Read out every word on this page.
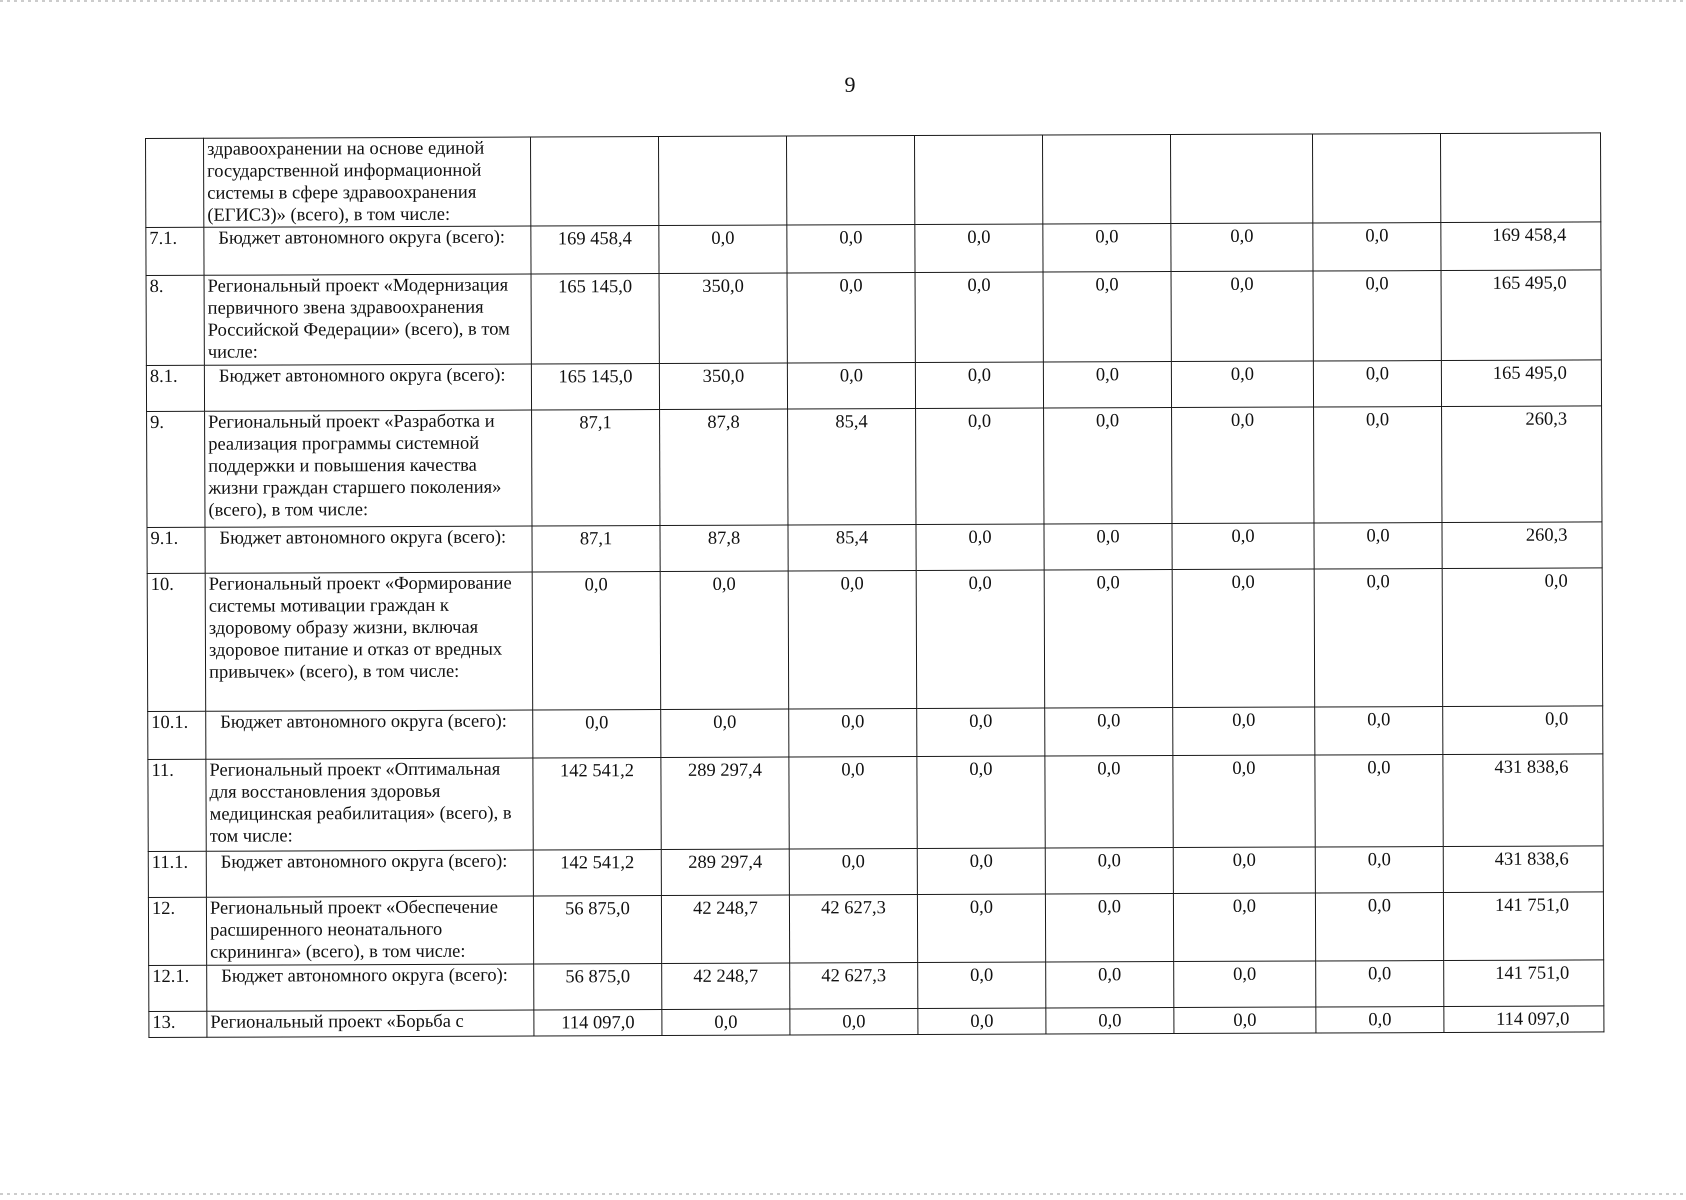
9
	здравоохранении на основе единой государственной информационной системы в сфере здравоохранения (ЕГИСЗ)» (всего), в том числе:								
7.1.	Бюджет автономного округа (всего):	169 458,4	0,0	0,0	0,0	0,0	0,0	0,0	169 458,4
8.	Региональный проект «Модернизация первичного звена здравоохранения Российской Федерации» (всего), в том числе:	165 145,0	350,0	0,0	0,0	0,0	0,0	0,0	165 495,0
8.1.	Бюджет автономного округа (всего):	165 145,0	350,0	0,0	0,0	0,0	0,0	0,0	165 495,0
9.	Региональный проект «Разработка и реализация программы системной поддержки и повышения качества жизни граждан старшего поколения» (всего), в том числе:	87,1	87,8	85,4	0,0	0,0	0,0	0,0	260,3
9.1.	Бюджет автономного округа (всего):	87,1	87,8	85,4	0,0	0,0	0,0	0,0	260,3
10.	Региональный проект «Формирование системы мотивации граждан к здоровому образу жизни, включая здоровое питание и отказ от вредных привычек» (всего), в том числе:	0,0	0,0	0,0	0,0	0,0	0,0	0,0	0,0
10.1.	Бюджет автономного округа (всего):	0,0	0,0	0,0	0,0	0,0	0,0	0,0	0,0
11.	Региональный проект «Оптимальная для восстановления здоровья медицинская реабилитация» (всего), в том числе:	142 541,2	289 297,4	0,0	0,0	0,0	0,0	0,0	431 838,6
11.1.	Бюджет автономного округа (всего):	142 541,2	289 297,4	0,0	0,0	0,0	0,0	0,0	431 838,6
12.	Региональный проект «Обеспечение расширенного неонатального скрининга» (всего), в том числе:	56 875,0	42 248,7	42 627,3	0,0	0,0	0,0	0,0	141 751,0
12.1.	Бюджет автономного округа (всего):	56 875,0	42 248,7	42 627,3	0,0	0,0	0,0	0,0	141 751,0
13.	Региональный проект «Борьба с	114 097,0	0,0	0,0	0,0	0,0	0,0	0,0	114 097,0
